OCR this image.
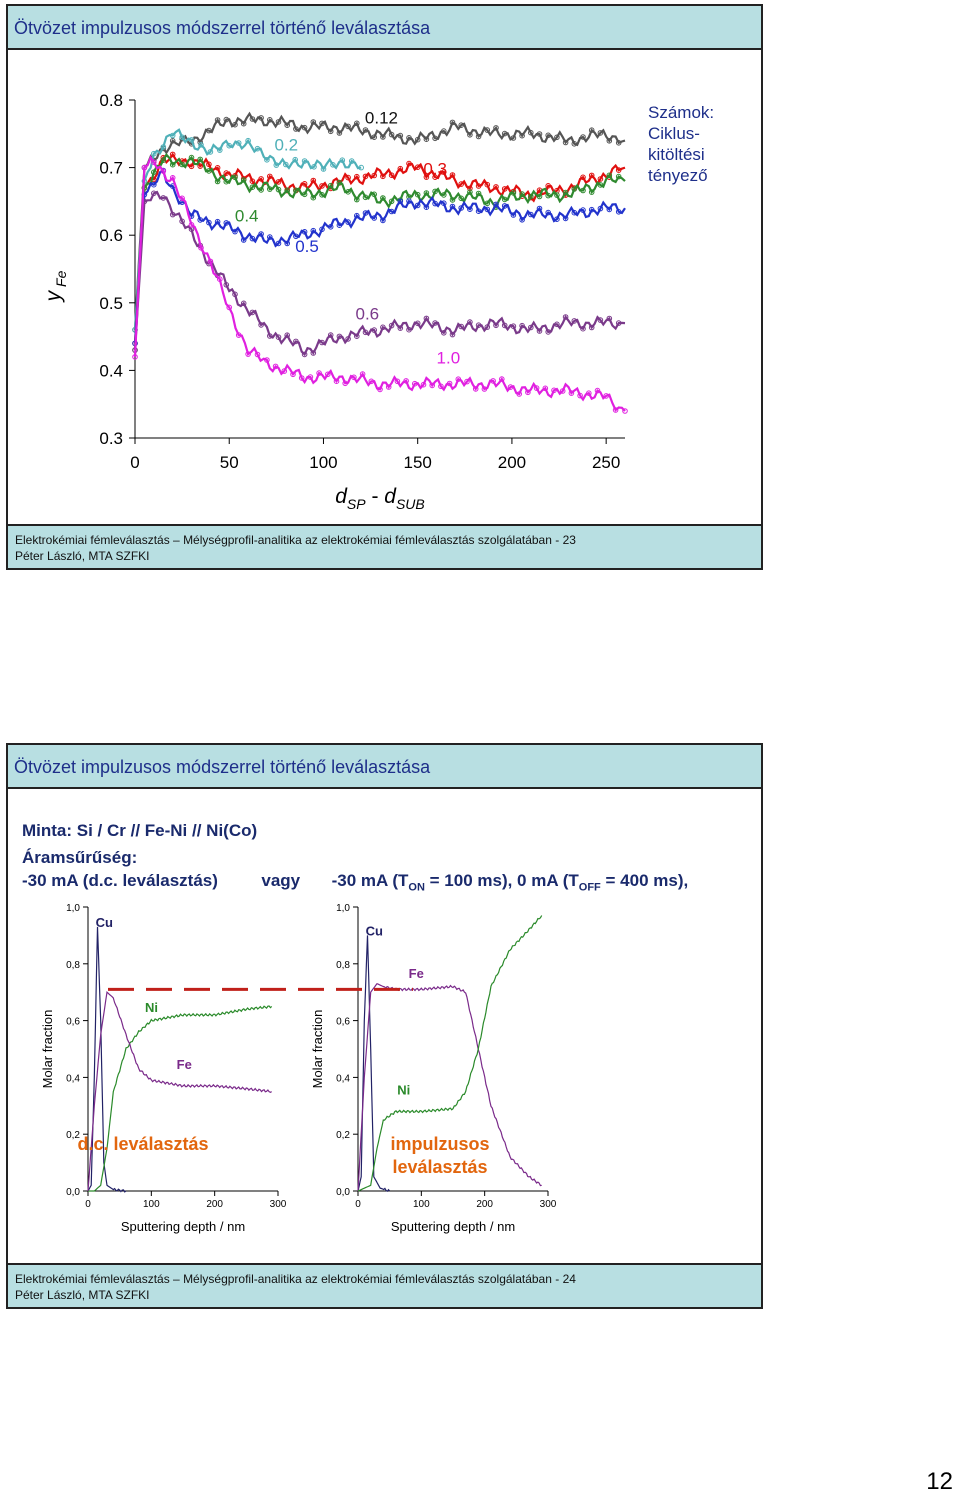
Ötvözet impulzusos módszerrel történő leválasztása
0.3
0.4
0.5
0.6
0.7
0.8
0	50	100	150	200	250
$d_{SP} - d_{SUB}$
y $_{Fe}$
0.12
0.2
0.3
0.4
0.5
0.6
1.0
Számok:
Ciklus-
kitöltési
tényező
Elektrokémiai fémleválasztás – Mélységprofil-analitika az elektrokémiai fémleválasztás szolgálatában - 23
Péter László, MTA SZFKI
Ötvözet impulzusos módszerrel történő leválasztása
Minta: Si / Cr // Fe-Ni // Ni(Co)
Áramsűrűség:
-30 mA (d.c. leválasztás)	vagy -30 mA ($T_{ON} = 100$ ms), 0 mA ($T_{OFF} = 400$ ms),
0,0
0,2
0,4
0,6
0,8
1,0
0	100	200	300
Sputtering depth / nm
Molar fraction
Cu
Ni
Fe
d.c. leválasztás
0,0
0,2
0,4
0,6
0,8
1,0
0	100	200	300
Sputtering depth / nm
Molar fraction
Cu
Fe
Ni
impulzusos
leválasztás
Elektrokémiai fémleválasztás – Mélységprofil-analitika az elektrokémiai fémleválasztás szolgálatában - 24
Péter László, MTA SZFKI
12
